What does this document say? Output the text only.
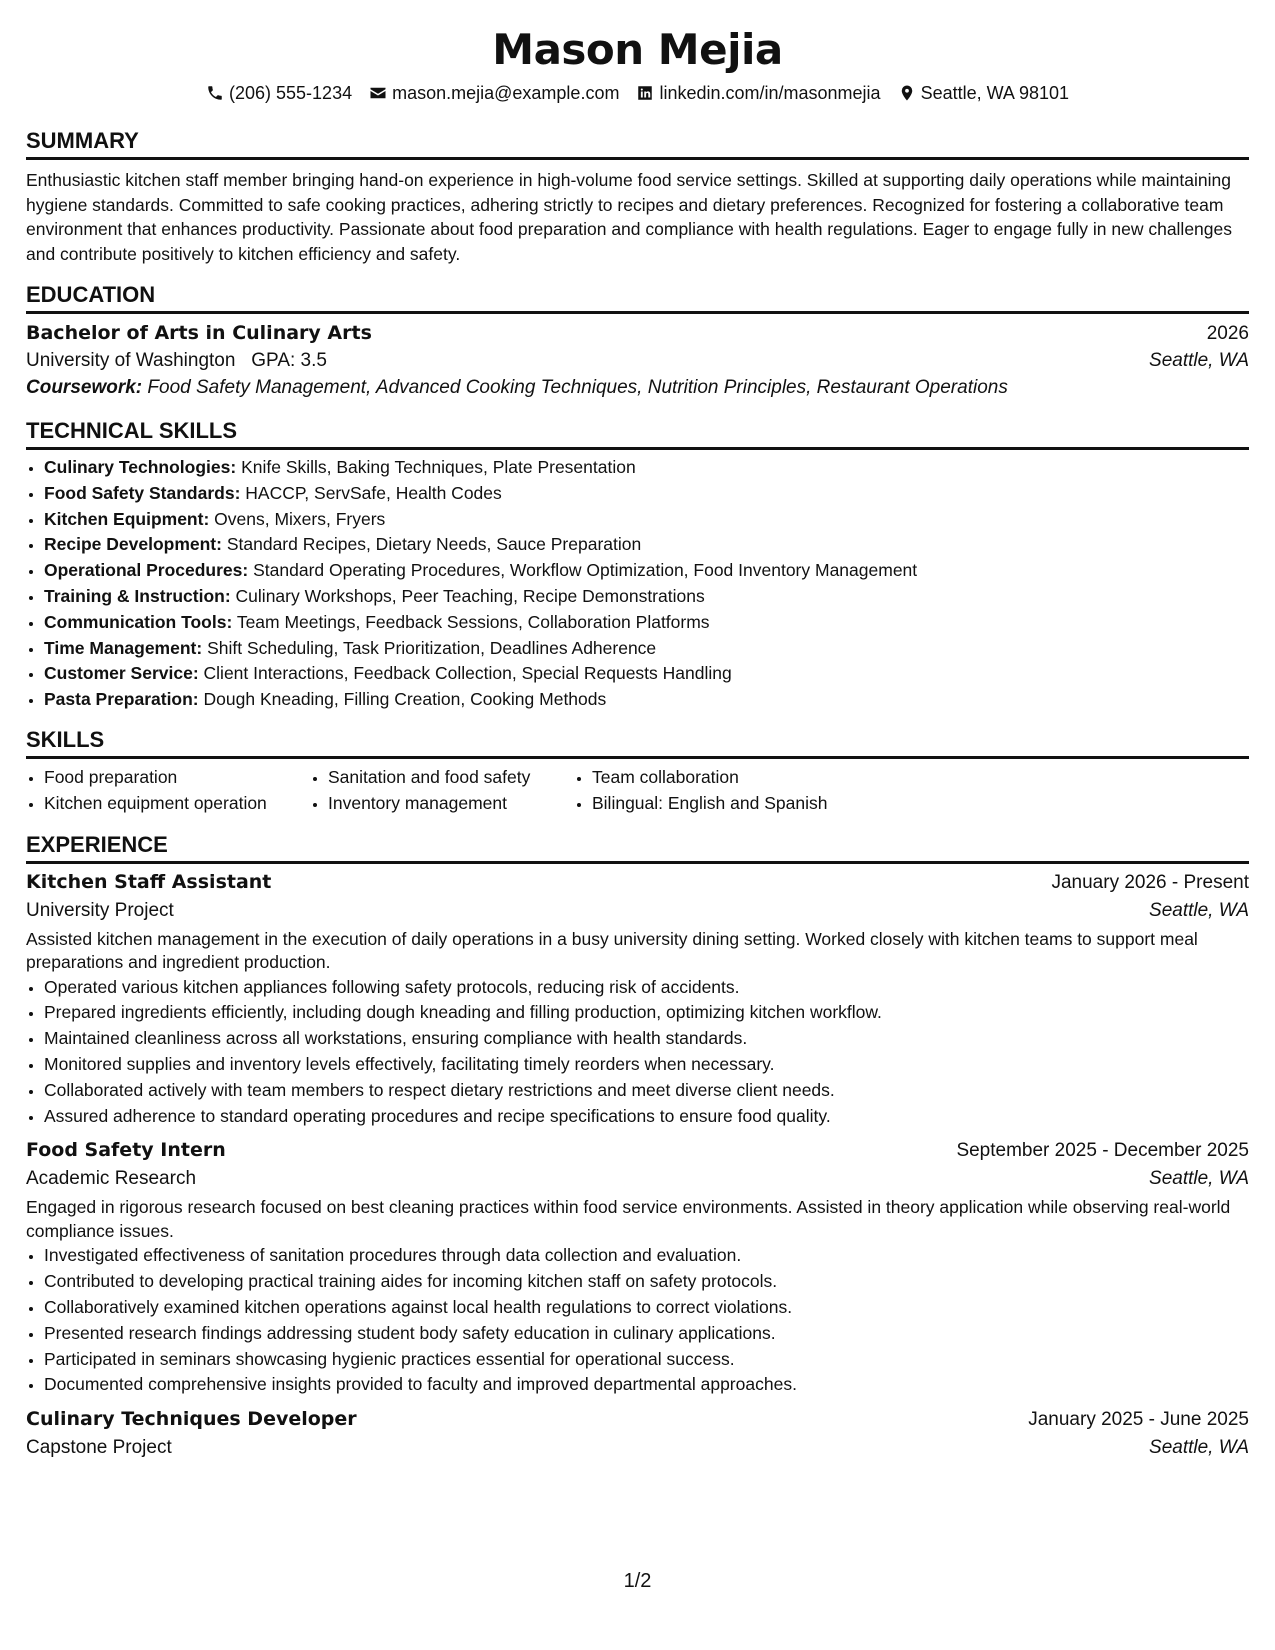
Mason Mejia
(206) 555-1234 mason.mejia@example.com linkedin.com/in/masonmejia Seattle, WA 98101
SUMMARY
Enthusiastic kitchen staff member bringing hand-on experience in high-volume food service settings. Skilled at supporting daily operations while maintaining hygiene standards. Committed to safe cooking practices, adhering strictly to recipes and dietary preferences. Recognized for fostering a collaborative team environment that enhances productivity. Passionate about food preparation and compliance with health regulations. Eager to engage fully in new challenges and contribute positively to kitchen efficiency and safety.
EDUCATION
Bachelor of Arts in Culinary Arts	2026
University of Washington GPA: 3.5	Seattle, WA
Coursework: Food Safety Management, Advanced Cooking Techniques, Nutrition Principles, Restaurant Operations
TECHNICAL SKILLS
• Culinary Technologies: Knife Skills, Baking Techniques, Plate Presentation
• Food Safety Standards: HACCP, ServSafe, Health Codes
• Kitchen Equipment: Ovens, Mixers, Fryers
• Recipe Development: Standard Recipes, Dietary Needs, Sauce Preparation
• Operational Procedures: Standard Operating Procedures, Workflow Optimization, Food Inventory Management
• Training & Instruction: Culinary Workshops, Peer Teaching, Recipe Demonstrations
• Communication Tools: Team Meetings, Feedback Sessions, Collaboration Platforms
• Time Management: Shift Scheduling, Task Prioritization, Deadlines Adherence
• Customer Service: Client Interactions, Feedback Collection, Special Requests Handling
• Pasta Preparation: Dough Kneading, Filling Creation, Cooking Methods
SKILLS
• Food preparation
• Kitchen equipment operation
• Sanitation and food safety
• Inventory management
• Team collaboration
• Bilingual: English and Spanish
EXPERIENCE
Kitchen Staff Assistant	January 2026 - Present
University Project	Seattle, WA
Assisted kitchen management in the execution of daily operations in a busy university dining setting. Worked closely with kitchen teams to support meal preparations and ingredient production.
• Operated various kitchen appliances following safety protocols, reducing risk of accidents.
• Prepared ingredients efficiently, including dough kneading and filling production, optimizing kitchen workflow.
• Maintained cleanliness across all workstations, ensuring compliance with health standards.
• Monitored supplies and inventory levels effectively, facilitating timely reorders when necessary.
• Collaborated actively with team members to respect dietary restrictions and meet diverse client needs.
• Assured adherence to standard operating procedures and recipe specifications to ensure food quality.
Food Safety Intern	September 2025 - December 2025
Academic Research	Seattle, WA
Engaged in rigorous research focused on best cleaning practices within food service environments. Assisted in theory application while observing real-world compliance issues.
• Investigated effectiveness of sanitation procedures through data collection and evaluation.
• Contributed to developing practical training aides for incoming kitchen staff on safety protocols.
• Collaboratively examined kitchen operations against local health regulations to correct violations.
• Presented research findings addressing student body safety education in culinary applications.
• Participated in seminars showcasing hygienic practices essential for operational success.
• Documented comprehensive insights provided to faculty and improved departmental approaches.
Culinary Techniques Developer	January 2025 - June 2025
Capstone Project	Seattle, WA
1/2
